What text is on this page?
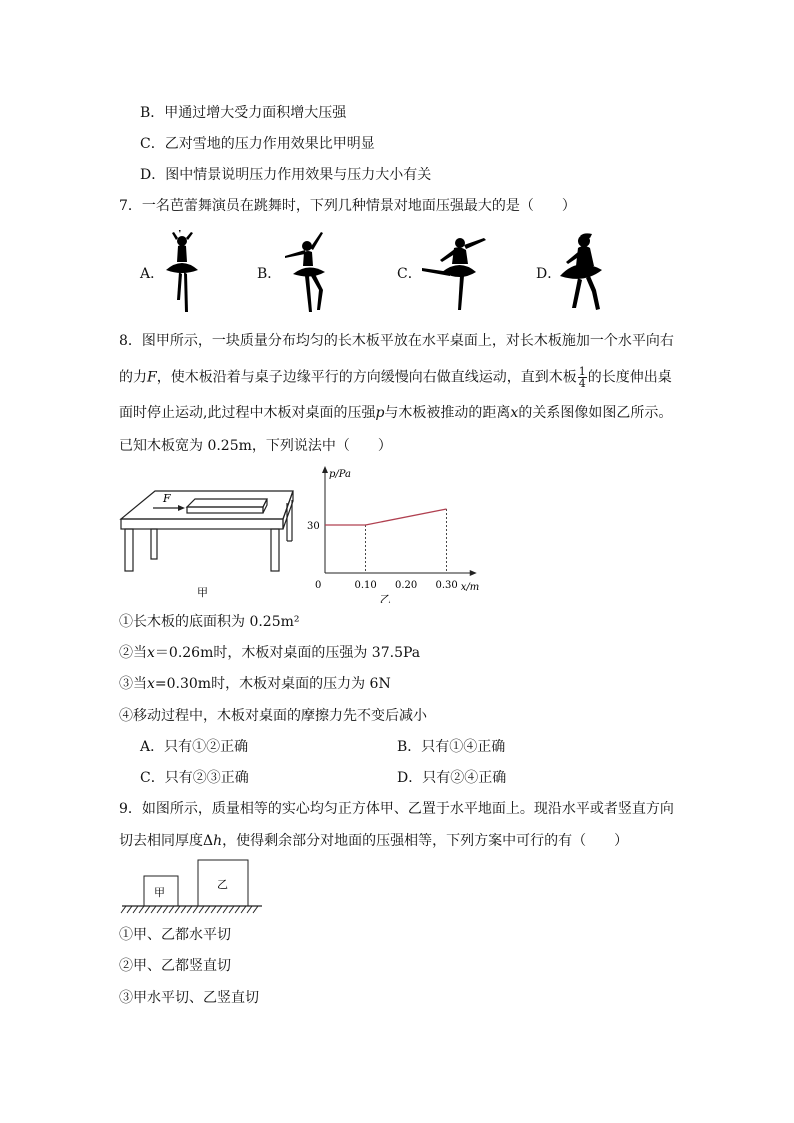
B．甲通过增大受力面积增大压强
C．乙对雪地的压力作用效果比甲明显
D．图中情景说明压力作用效果与压力大小有关
7．一名芭蕾舞演员在跳舞时，下列几种情景对地面压强最大的是（　　）
A．	B．	C．	D．
8．图甲所示，一块质量分布均匀的长木板平放在水平桌面上，对长木板施加一个水平向右
的力F，使木板沿着与桌子边缘平行的方向缓慢向右做直线运动，直到木板 $\frac{1}{4}$ 的长度伸出桌
面时停止运动,此过程中木板对桌面的压强p与木板被推动的距离x的关系图像如图乙所示。
已知木板宽为 0.25m，下列说法中（　　）
F
甲
p/Pa
x/m
0	0.10 0.20 0.30
30
乙
①长木板的底面积为 0.25m²
②当x＝0.26m时，木板对桌面的压强为 37.5Pa
③当x=0.30m时，木板对桌面的压力为 6N
④移动过程中，木板对桌面的摩擦力先不变后减小
A．只有①②正确	B．只有①④正确
C．只有②③正确	D．只有②④正确
9．如图所示，质量相等的实心均匀正方体甲、乙置于水平地面上。现沿水平或者竖直方向
切去相同厚度Δh，使得剩余部分对地面的压强相等，下列方案中可行的有（　　）
甲
乙
①甲、乙都水平切
②甲、乙都竖直切
③甲水平切、乙竖直切
